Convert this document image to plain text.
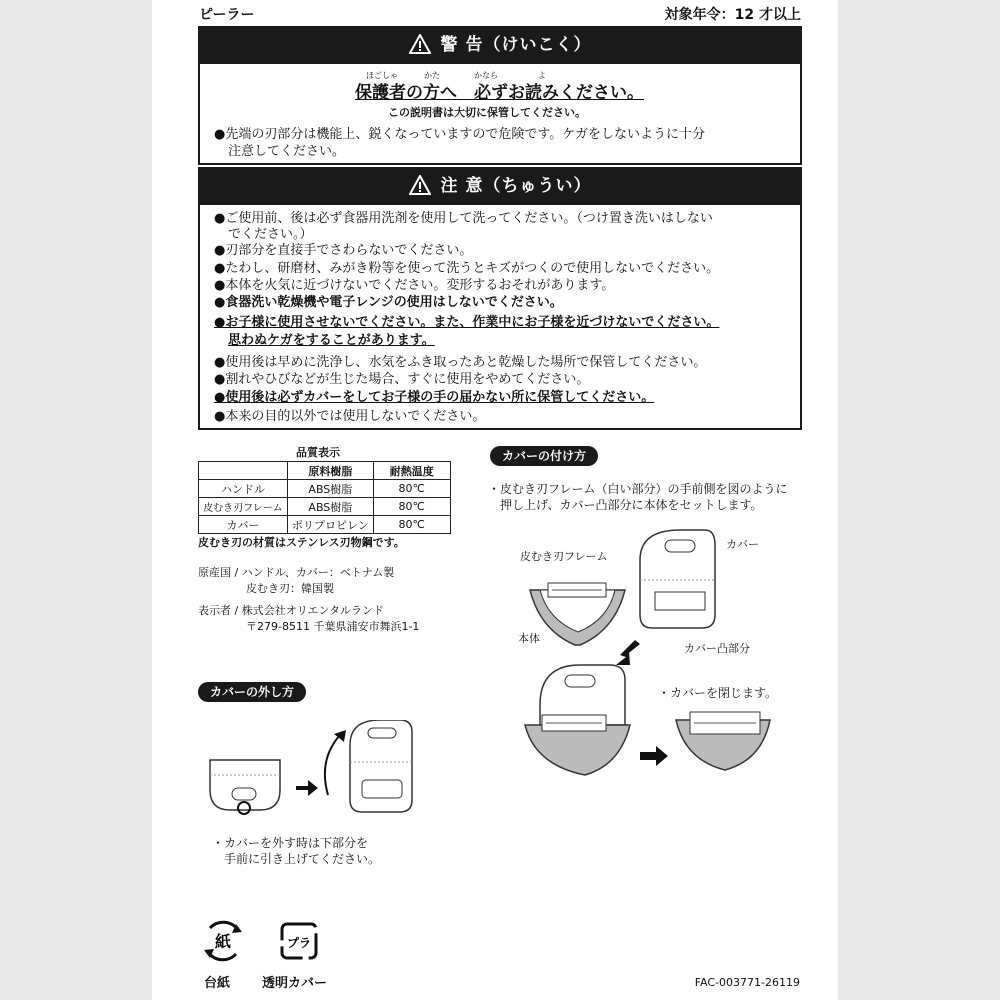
ピーラー	対象年令：12 才以上
警 告（けいこく）
ほごしゃ	かた	かなら	よ
保護者の方へ　必ずお読みください。
この説明書は大切に保管してください。
●先端の刃部分は機能上、鋭くなっていますので危険です。ケガをしないように十分
注意してください。
注 意（ちゅうい）
●ご使用前、後は必ず食器用洗剤を使用して洗ってください。（つけ置き洗いはしない
でください。）
●刃部分を直接手でさわらないでください。
●たわし、研磨材、みがき粉等を使って洗うとキズがつくので使用しないでください。
●本体を火気に近づけないでください。変形するおそれがあります。
●食器洗い乾燥機や電子レンジの使用はしないでください。
●お子様に使用させないでください。また、作業中にお子様を近づけないでください。
思わぬケガをすることがあります。
●使用後は早めに洗浄し、水気をふき取ったあと乾燥した場所で保管してください。
●割れやひびなどが生じた場合、すぐに使用をやめてください。
●使用後は必ずカバーをしてお子様の手の届かない所に保管してください。
●本来の目的以外では使用しないでください。
品質表示
	原料樹脂	耐熱温度
ハンドル	ABS樹脂	80℃
皮むき刃フレーム	ABS樹脂	80℃
カバー	ポリプロピレン	80℃
皮むき刃の材質はステンレス刃物鋼です。
原産国 / ハンドル、カバー：ベトナム製
皮むき刃：韓国製
表示者 / 株式会社オリエンタルランド
〒279-8511 千葉県浦安市舞浜1-1
カバーの付け方
・皮むき刃フレーム（白い部分）の手前側を図のように
押し上げ、カバー凸部分に本体をセットします。
皮むき刃フレーム
カバー
本体
カバー凸部分
・カバーを閉じます。
カバーの外し方
・カバーを外す時は下部分を
手前に引き上げてください。
紙	プラ
台紙 透明カバー	FAC-003771-26119
